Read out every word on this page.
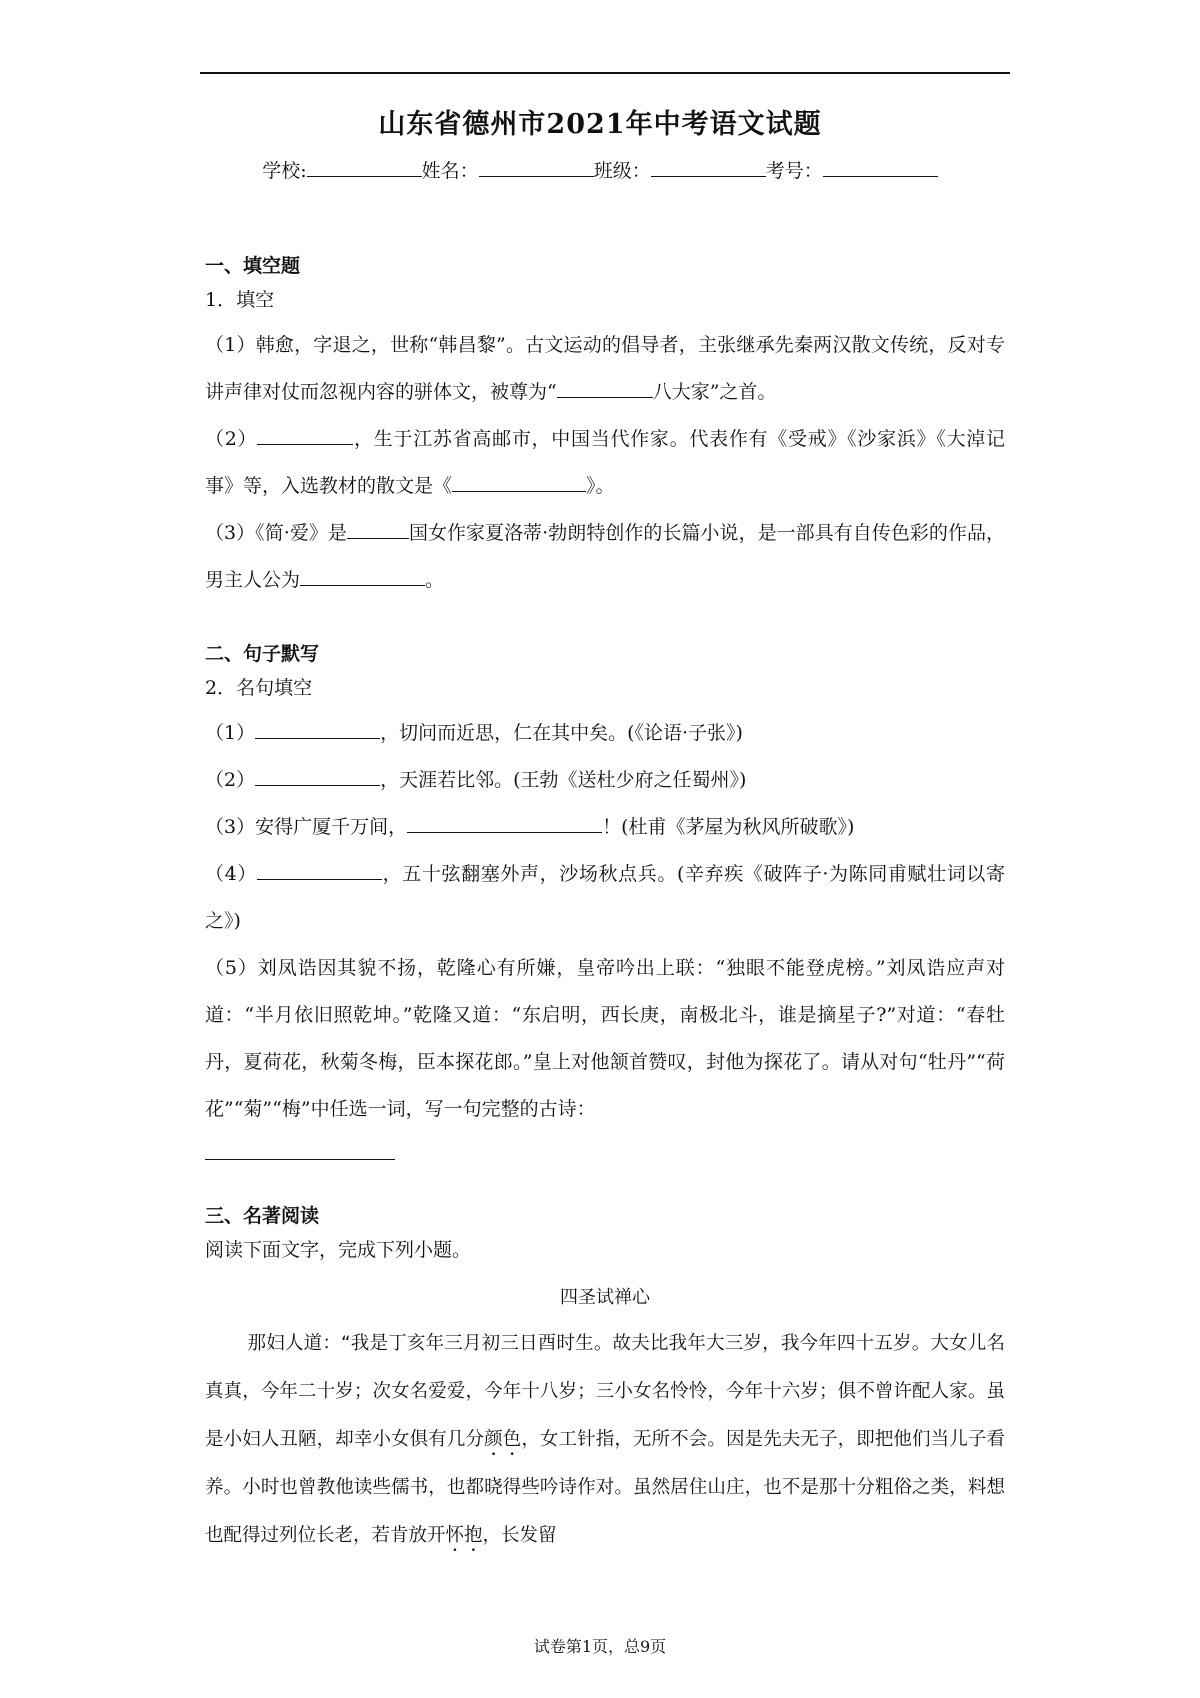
山东省德州市2021年中考语文试题
学校:	姓名：	班级：	考号：

一、填空题

1．填空

（1）韩愈，字退之，世称“韩昌黎”。古文运动的倡导者，主张继承先秦两汉散文传统，反对专讲声律对仗而忽视内容的骈体文，被尊为“	八大家”之首。

（2）	，生于江苏省高邮市，中国当代作家。代表作有《受戒》《沙家浜》《大淖记事》等，入选教材的散文是《	》。

（3）《简·爱》是	国女作家夏洛蒂·勃朗特创作的长篇小说，是一部具有自传色彩的作品，男主人公为	。

二、句子默写

2．名句填空

（1）	，切问而近思，仁在其中矣。(《论语·子张》)

（2）	，天涯若比邻。(王勃《送杜少府之任蜀州》)

（3）安得广厦千万间，	！(杜甫《茅屋为秋风所破歌》)

（4）	，五十弦翻塞外声，沙场秋点兵。(辛弃疾《破阵子·为陈同甫赋壮词以寄之》)

（5）刘凤诰因其貌不扬，乾隆心有所嫌，皇帝吟出上联：“独眼不能登虎榜。”刘凤诰应声对道：“半月依旧照乾坤。”乾隆又道：“东启明，西长庚，南极北斗，谁是摘星子?”对道：“春牡丹，夏荷花，秋菊冬梅，臣本探花郎。”皇上对他颔首赞叹，封他为探花了。请从对句“牡丹”“荷花”“菊”“梅”中任选一词，写一句完整的古诗：

三、名著阅读

阅读下面文字，完成下列小题。

四圣试禅心

那妇人道：“我是丁亥年三月初三日酉时生。故夫比我年大三岁，我今年四十五岁。大女儿名真真，今年二十岁；次女名爱爱，今年十八岁；三小女名怜怜，今年十六岁；俱不曾许配人家。虽是小妇人丑陋，却幸小女俱有几分颜色，女工针指，无所不会。因是先夫无子，即把他们当儿子看养。小时也曾教他读些儒书，也都晓得些吟诗作对。虽然居住山庄，也不是那十分粗俗之类，料想也配得过列位长老，若肯放开怀抱，长发留

试卷第1页，总9页
